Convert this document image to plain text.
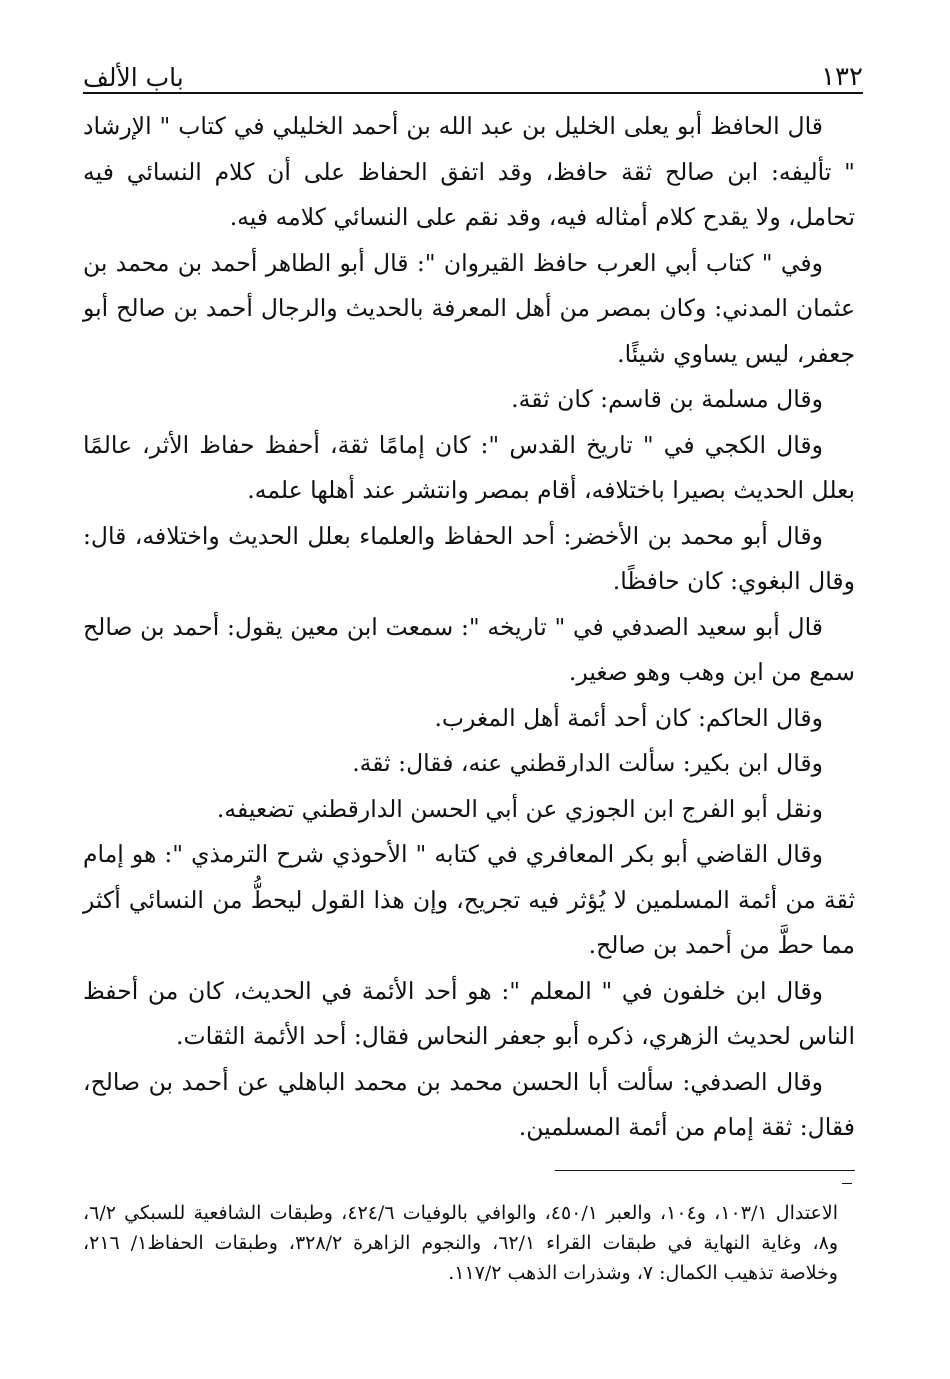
١٣٢
باب الألف

قال الحافظ أبو يعلى الخليل بن عبد الله بن أحمد الخليلي في كتاب " الإرشاد " تأليفه: ابن صالح ثقة حافظ، وقد اتفق الحفاظ على أن كلام النسائي فيه تحامل، ولا يقدح كلام أمثاله فيه، وقد نقم على النسائي كلامه فيه.

وفي " كتاب أبي العرب حافظ القيروان ": قال أبو الطاهر أحمد بن محمد بن عثمان المدني: وكان بمصر من أهل المعرفة بالحديث والرجال أحمد بن صالح أبو جعفر، ليس يساوي شيئًا.

وقال مسلمة بن قاسم: كان ثقة.

وقال الكجي في " تاريخ القدس ": كان إمامًا ثقة، أحفظ حفاظ الأثر، عالمًا بعلل الحديث بصيرا باختلافه، أقام بمصر وانتشر عند أهلها علمه.

وقال أبو محمد بن الأخضر: أحد الحفاظ والعلماء بعلل الحديث واختلافه، قال: وقال البغوي: كان حافظًا.

قال أبو سعيد الصدفي في " تاريخه ": سمعت ابن معين يقول: أحمد بن صالح سمع من ابن وهب وهو صغير.

وقال الحاكم: كان أحد أئمة أهل المغرب.

وقال ابن بكير: سألت الدارقطني عنه، فقال: ثقة.

ونقل أبو الفرج ابن الجوزي عن أبي الحسن الدارقطني تضعيفه.

وقال القاضي أبو بكر المعافري في كتابه " الأحوذي شرح الترمذي ": هو إمام ثقة من أئمة المسلمين لا يُؤثر فيه تجريح، وإن هذا القول ليحطُّ من النسائي أكثر مما حطَّ من أحمد بن صالح.

وقال ابن خلفون في " المعلم ": هو أحد الأئمة في الحديث، كان من أحفظ الناس لحديث الزهري، ذكره أبو جعفر النحاس فقال: أحد الأئمة الثقات.

وقال الصدفي: سألت أبا الحسن محمد بن محمد الباهلي عن أحمد بن صالح، فقال: ثقة إمام من أئمة المسلمين.

الاعتدال ١٠٣/١، و١٠٤، والعبر ٤٥٠/١، والوافي بالوفيات ٤٢٤/٦، وطبقات الشافعية للسبكي ٦/٢، و٨، وغاية النهاية في طبقات القراء ٦٢/١، والنجوم الزاهرة ٣٢٨/٢، وطبقات الحفاظ١/ ٢١٦، وخلاصة تذهيب الكمال: ٧، وشذرات الذهب ١١٧/٢.
